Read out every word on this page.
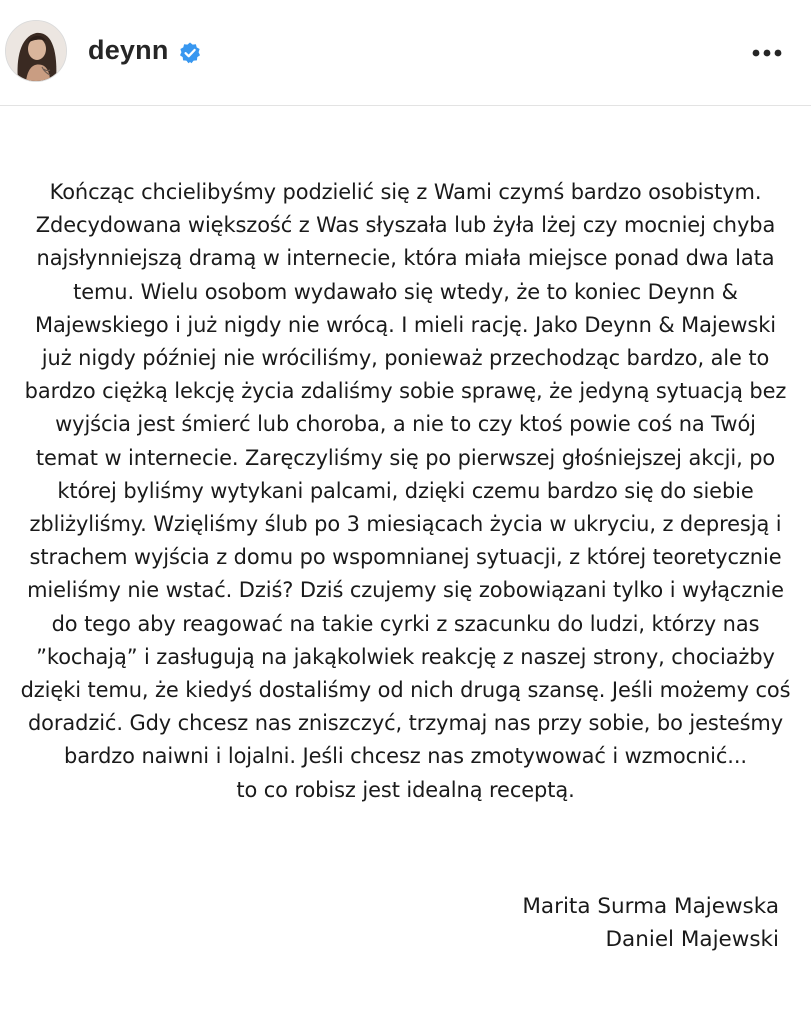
deynn
Kończąc chcielibyśmy podzielić się z Wami czymś bardzo osobistym.
Zdecydowana większość z Was słyszała lub żyła lżej czy mocniej chyba
najsłynniejszą dramą w internecie, która miała miejsce ponad dwa lata
temu. Wielu osobom wydawało się wtedy, że to koniec Deynn &
Majewskiego i już nigdy nie wrócą. I mieli rację. Jako Deynn & Majewski
już nigdy później nie wróciliśmy, ponieważ przechodząc bardzo, ale to
bardzo ciężką lekcję życia zdaliśmy sobie sprawę, że jedyną sytuacją bez
wyjścia jest śmierć lub choroba, a nie to czy ktoś powie coś na Twój
temat w internecie. Zaręczyliśmy się po pierwszej głośniejszej akcji, po
której byliśmy wytykani palcami, dzięki czemu bardzo się do siebie
zbliżyliśmy. Wzięliśmy ślub po 3 miesiącach życia w ukryciu, z depresją i
strachem wyjścia z domu po wspomnianej sytuacji, z której teoretycznie
mieliśmy nie wstać. Dziś? Dziś czujemy się zobowiązani tylko i wyłącznie
do tego aby reagować na takie cyrki z szacunku do ludzi, którzy nas
”kochają” i zasługują na jakąkolwiek reakcję z naszej strony, chociażby
dzięki temu, że kiedyś dostaliśmy od nich drugą szansę. Jeśli możemy coś
doradzić. Gdy chcesz nas zniszczyć, trzymaj nas przy sobie, bo jesteśmy
bardzo naiwni i lojalni. Jeśli chcesz nas zmotywować i wzmocnić...
to co robisz jest idealną receptą.
Marita Surma Majewska
Daniel Majewski
